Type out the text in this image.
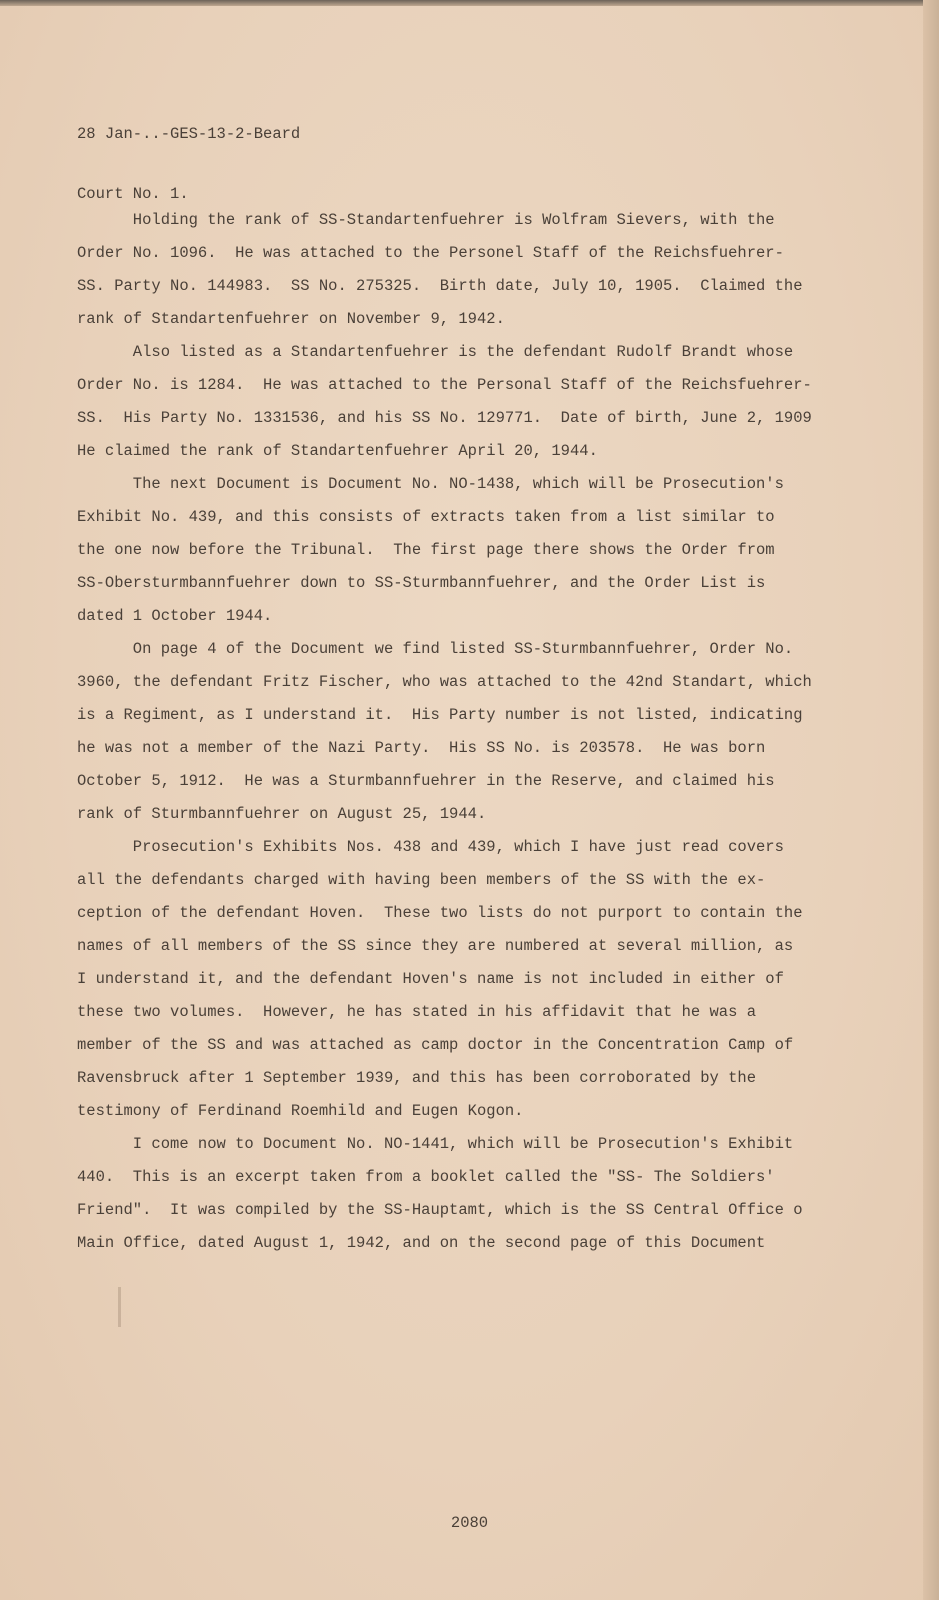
28 Jan-..-GES-13-2-Beard

Court No. 1.

Holding the rank of SS-Standartenfuehrer is Wolfram Sievers, with the
Order No. 1096.  He was attached to the Personel Staff of the Reichsfuehrer-
SS. Party No. 144983.  SS No. 275325.  Birth date, July 10, 1905.  Claimed the
rank of Standartenfuehrer on November 9, 1942.
Also listed as a Standartenfuehrer is the defendant Rudolf Brandt whose
Order No. is 1284.  He was attached to the Personal Staff of the Reichsfuehrer-
SS.  His Party No. 1331536, and his SS No. 129771.  Date of birth, June 2, 1909
He claimed the rank of Standartenfuehrer April 20, 1944.
The next Document is Document No. NO-1438, which will be Prosecution's
Exhibit No. 439, and this consists of extracts taken from a list similar to
the one now before the Tribunal.  The first page there shows the Order from
SS-Obersturmbannfuehrer down to SS-Sturmbannfuehrer, and the Order List is
dated 1 October 1944.
On page 4 of the Document we find listed SS-Sturmbannfuehrer, Order No.
3960, the defendant Fritz Fischer, who was attached to the 42nd Standart, which
is a Regiment, as I understand it.  His Party number is not listed, indicating
he was not a member of the Nazi Party.  His SS No. is 203578.  He was born
October 5, 1912.  He was a Sturmbannfuehrer in the Reserve, and claimed his
rank of Sturmbannfuehrer on August 25, 1944.
Prosecution's Exhibits Nos. 438 and 439, which I have just read covers
all the defendants charged with having been members of the SS with the ex-
ception of the defendant Hoven.  These two lists do not purport to contain the
names of all members of the SS since they are numbered at several million, as
I understand it, and the defendant Hoven's name is not included in either of
these two volumes.  However, he has stated in his affidavit that he was a
member of the SS and was attached as camp doctor in the Concentration Camp of
Ravensbruck after 1 September 1939, and this has been corroborated by the
testimony of Ferdinand Roemhild and Eugen Kogon.
I come now to Document No. NO-1441, which will be Prosecution's Exhibit
440.  This is an excerpt taken from a booklet called the "SS- The Soldiers'
Friend".  It was compiled by the SS-Hauptamt, which is the SS Central Office o
Main Office, dated August 1, 1942, and on the second page of this Document
2080
